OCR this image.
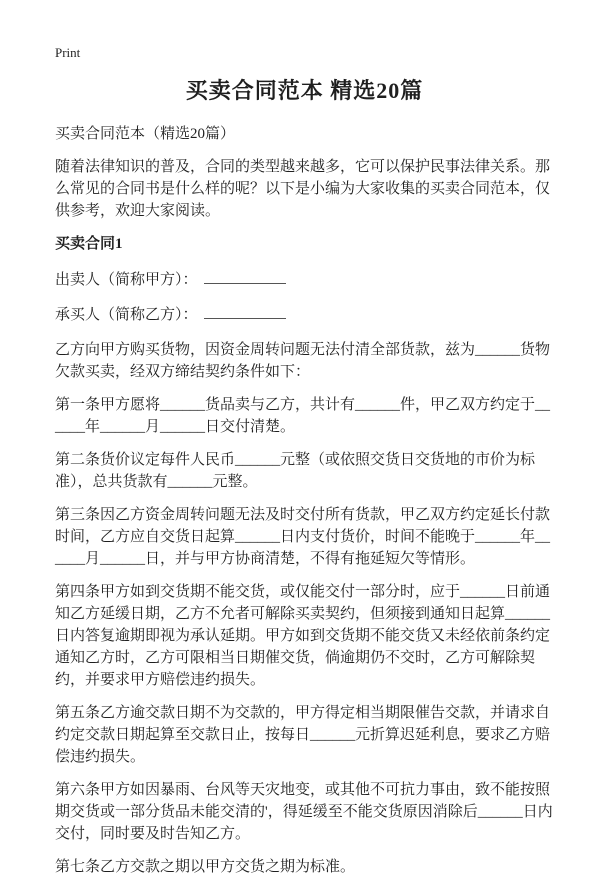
Print
买卖合同范本 精选20篇
买卖合同范本（精选20篇）

随着法律知识的普及，合同的类型越来越多，它可以保护民事法律关系。那么常见的合同书是什么样的呢？以下是小编为大家收集的买卖合同范本，仅供参考，欢迎大家阅读。

买卖合同1
出卖人（简称甲方）：
承买人（简称乙方）：

乙方向甲方购买货物，因资金周转问题无法付清全部货款，兹为______货物欠款买卖，经双方缔结契约条件如下：

第一条甲方愿将______货品卖与乙方，共计有______件，甲乙双方约定于______年______月______日交付清楚。

第二条货价议定每件人民币______元整（或依照交货日交货地的市价为标准），总共货款有______元整。

第三条因乙方资金周转问题无法及时交付所有货款，甲乙双方约定延长付款时间，乙方应自交货日起算______日内支付货价，时间不能晚于______年______月______日，并与甲方协商清楚，不得有拖延短欠等情形。

第四条甲方如到交货期不能交货，或仅能交付一部分时，应于______日前通知乙方延缓日期，乙方不允者可解除买卖契约，但须接到通知日起算______日内答复逾期即视为承认延期。甲方如到交货期不能交货又未经依前条约定通知乙方时，乙方可限相当日期催交货，倘逾期仍不交时，乙方可解除契约，并要求甲方赔偿违约损失。

第五条乙方逾交款日期不为交款的，甲方得定相当期限催告交款，并请求自约定交款日期起算至交款日止，按每日______元折算迟延利息，要求乙方赔偿违约损失。

第六条甲方如因暴雨、台风等天灾地变，或其他不可抗力事由，致不能按照期交货或一部分货品未能交清的'，得延缓至不能交货原因消除后______日内交付，同时要及时告知乙方。

第七条乙方交款之期以甲方交货之期为标准。
